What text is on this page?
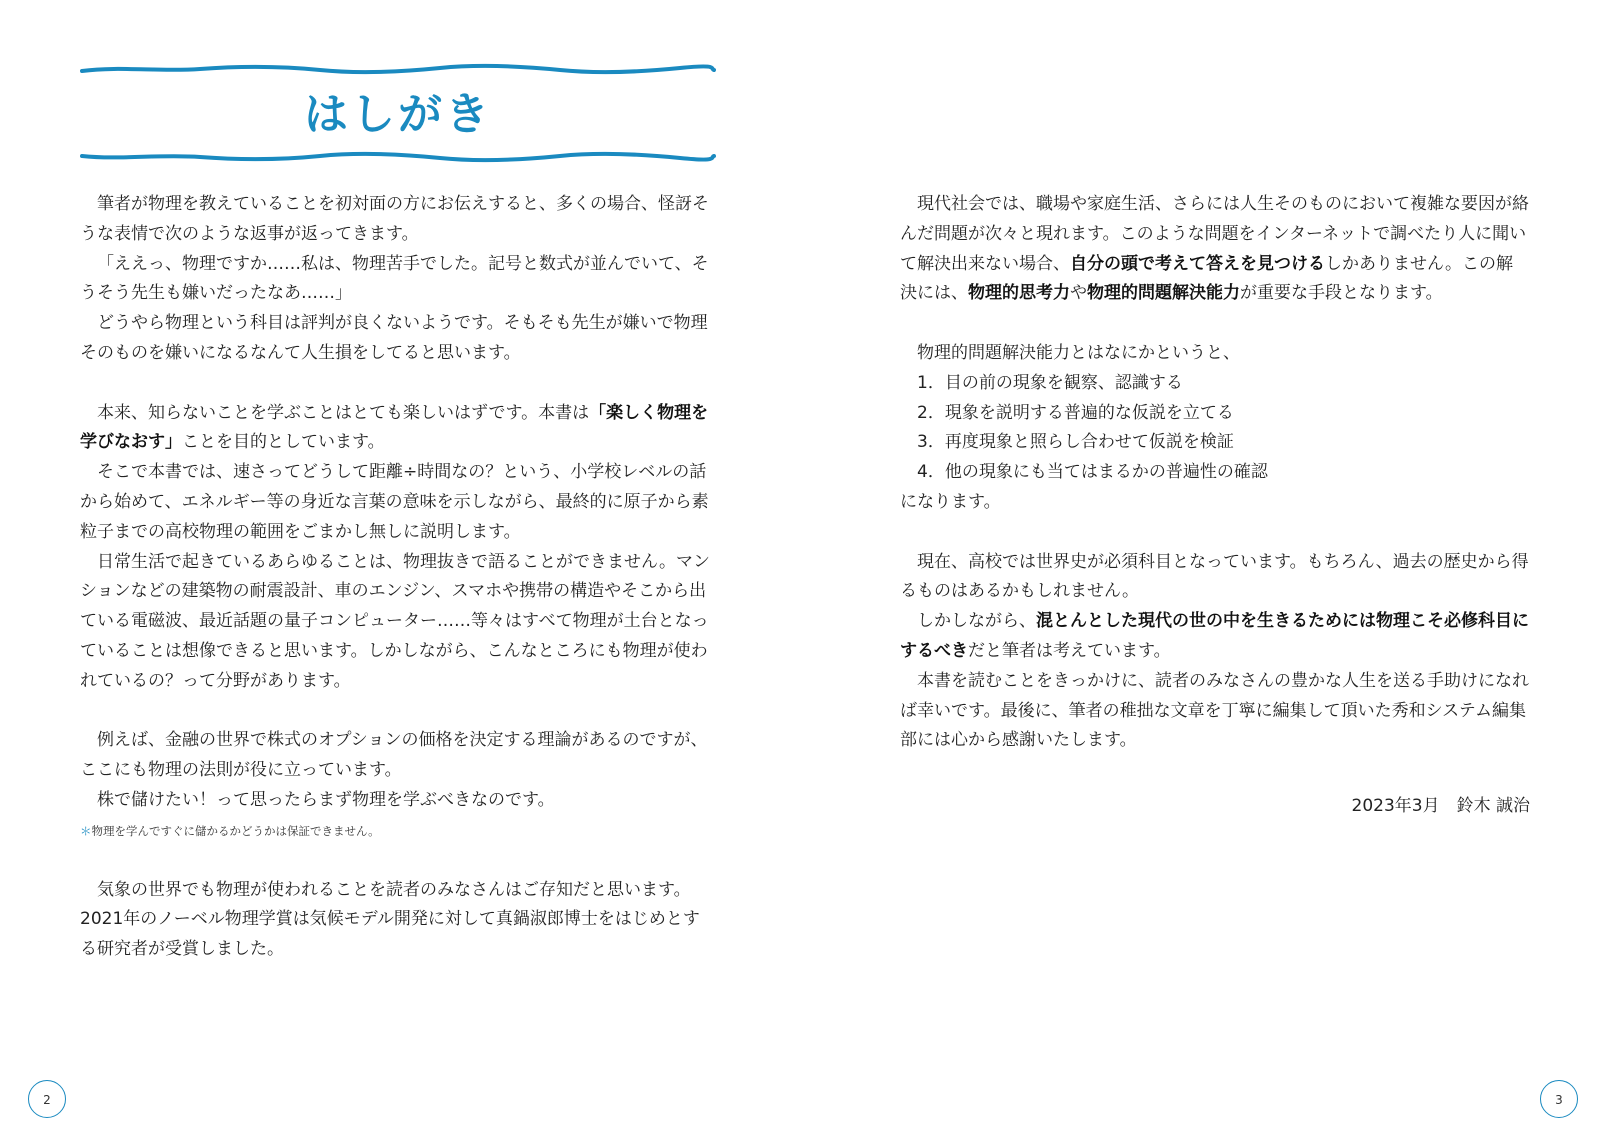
はしがき

筆者が物理を教えていることを初対面の方にお伝えすると、多くの場合、怪訝そうな表情で次のような返事が返ってきます。

「ええっ、物理ですか……私は、物理苦手でした。記号と数式が並んでいて、そうそう先生も嫌いだったなあ……」

どうやら物理という科目は評判が良くないようです。そもそも先生が嫌いで物理そのものを嫌いになるなんて人生損をしてると思います。

本来、知らないことを学ぶことはとても楽しいはずです。本書は「楽しく物理を学びなおす」ことを目的としています。

そこで本書では、速さってどうして距離÷時間なの？という、小学校レベルの話から始めて、エネルギー等の身近な言葉の意味を示しながら、最終的に原子から素粒子までの高校物理の範囲をごまかし無しに説明します。

日常生活で起きているあらゆることは、物理抜きで語ることができません。マンションなどの建築物の耐震設計、車のエンジン、スマホや携帯の構造やそこから出ている電磁波、最近話題の量子コンピューター……等々はすべて物理が土台となっていることは想像できると思います。しかしながら、こんなところにも物理が使われているの？って分野があります。

例えば、金融の世界で株式のオプションの価格を決定する理論があるのですが、ここにも物理の法則が役に立っています。

株で儲けたい！って思ったらまず物理を学ぶべきなのです。

＊物理を学んですぐに儲かるかどうかは保証できません。

気象の世界でも物理が使われることを読者のみなさんはご存知だと思います。2021年のノーベル物理学賞は気候モデル開発に対して真鍋淑郎博士をはじめとする研究者が受賞しました。

2

現代社会では、職場や家庭生活、さらには人生そのものにおいて複雑な要因が絡んだ問題が次々と現れます。このような問題をインターネットで調べたり人に聞いて解決出来ない場合、自分の頭で考えて答えを見つけるしかありません。この解決には、物理的思考力や物理的問題解決能力が重要な手段となります。

物理的問題解決能力とはなにかというと、

1．目の前の現象を観察、認識する

2．現象を説明する普遍的な仮説を立てる

3．再度現象と照らし合わせて仮説を検証

4．他の現象にも当てはまるかの普遍性の確認

になります。

現在、高校では世界史が必須科目となっています。もちろん、過去の歴史から得るものはあるかもしれません。

しかしながら、混とんとした現代の世の中を生きるためには物理こそ必修科目にするべきだと筆者は考えています。

本書を読むことをきっかけに、読者のみなさんの豊かな人生を送る手助けになれば幸いです。最後に、筆者の稚拙な文章を丁寧に編集して頂いた秀和システム編集部には心から感謝いたします。

2023年3月　鈴木 誠治

3
